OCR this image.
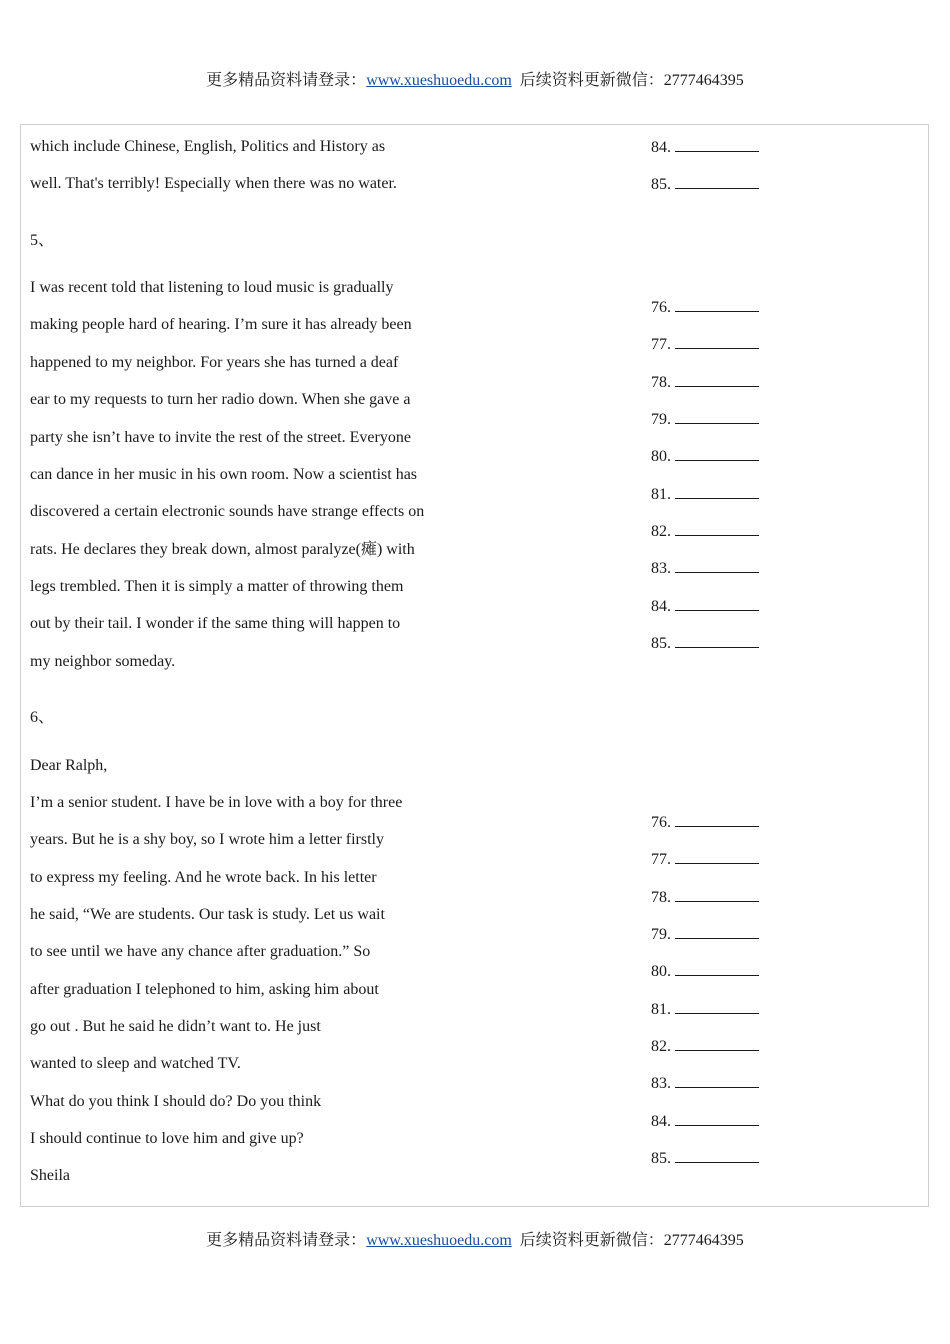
更多精品资料请登录：www.xueshuoedu.com 后续资料更新微信：2777464395
which include Chinese, English, Politics and History as
well. That's terribly! Especially when there was no water.
84.
85.
5、
I was recent told that listening to loud music is gradually
making people hard of hearing. I’m sure it has already been
happened to my neighbor. For years she has turned a deaf
ear to my requests to turn her radio down. When she gave a
party she isn’t have to invite the rest of the street. Everyone
can dance in her music in his own room. Now a scientist has
discovered a certain electronic sounds have strange effects on
rats. He declares they break down, almost paralyze(瘫) with
legs trembled. Then it is simply a matter of throwing them
out by their tail. I wonder if the same thing will happen to
my neighbor someday.
76.
77.
78.
79.
80.
81.
82.
83.
84.
85.
6、
Dear Ralph,
I’m a senior student. I have be in love with a boy for three
years. But he is a shy boy, so I wrote him a letter firstly
to express my feeling. And he wrote back. In his letter
he said, “We are students. Our task is study. Let us wait
to see until we have any chance after graduation.” So
after graduation I telephoned to him, asking him about
go out . But he said he didn’t want to. He just
wanted to sleep and watched TV.
What do you think I should do? Do you think
I should continue to love him and give up?
Sheila
76.
77.
78.
79.
80.
81.
82.
83.
84.
85.
更多精品资料请登录：www.xueshuoedu.com 后续资料更新微信：2777464395
